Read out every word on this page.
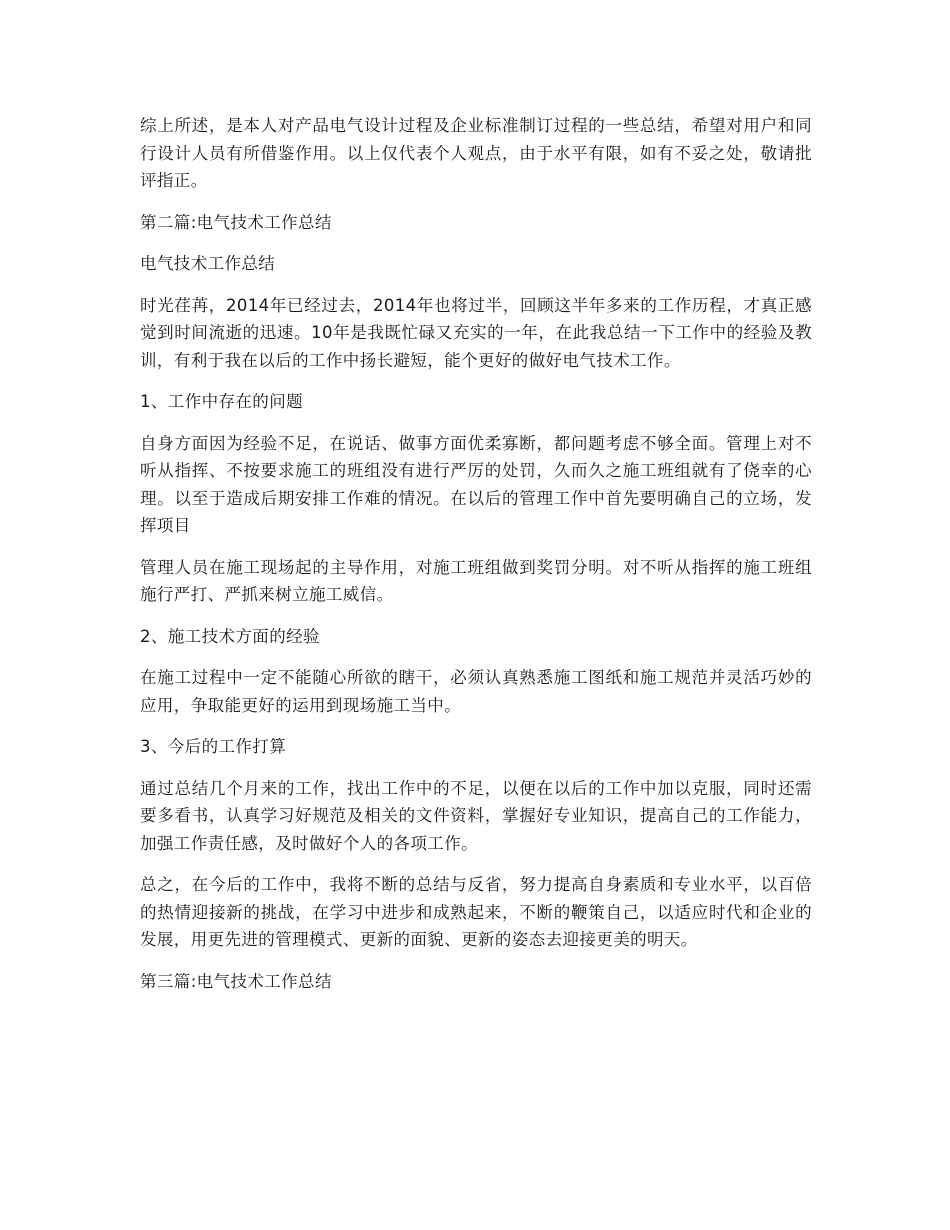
综上所述，是本人对产品电气设计过程及企业标准制订过程的一些总结，希望对用户和同行设计人员有所借鉴作用。以上仅代表个人观点，由于水平有限，如有不妥之处，敬请批评指正。

第二篇:电气技术工作总结

电气技术工作总结

时光荏苒，2014年已经过去，2014年也将过半，回顾这半年多来的工作历程，才真正感觉到时间流逝的迅速。10年是我既忙碌又充实的一年，在此我总结一下工作中的经验及教训，有利于我在以后的工作中扬长避短，能个更好的做好电气技术工作。

1、工作中存在的问题

自身方面因为经验不足，在说话、做事方面优柔寡断，都问题考虑不够全面。管理上对不听从指挥、不按要求施工的班组没有进行严厉的处罚，久而久之施工班组就有了侥幸的心理。以至于造成后期安排工作难的情况。在以后的管理工作中首先要明确自己的立场，发挥项目

管理人员在施工现场起的主导作用，对施工班组做到奖罚分明。对不听从指挥的施工班组施行严打、严抓来树立施工威信。

2、施工技术方面的经验

在施工过程中一定不能随心所欲的瞎干，必须认真熟悉施工图纸和施工规范并灵活巧妙的应用，争取能更好的运用到现场施工当中。

3、今后的工作打算

通过总结几个月来的工作，找出工作中的不足，以便在以后的工作中加以克服，同时还需要多看书，认真学习好规范及相关的文件资料，掌握好专业知识，提高自己的工作能力，加强工作责任感，及时做好个人的各项工作。

总之，在今后的工作中，我将不断的总结与反省，努力提高自身素质和专业水平，以百倍的热情迎接新的挑战，在学习中进步和成熟起来，不断的鞭策自己，以适应时代和企业的发展，用更先进的管理模式、更新的面貌、更新的姿态去迎接更美的明天。

第三篇:电气技术工作总结
